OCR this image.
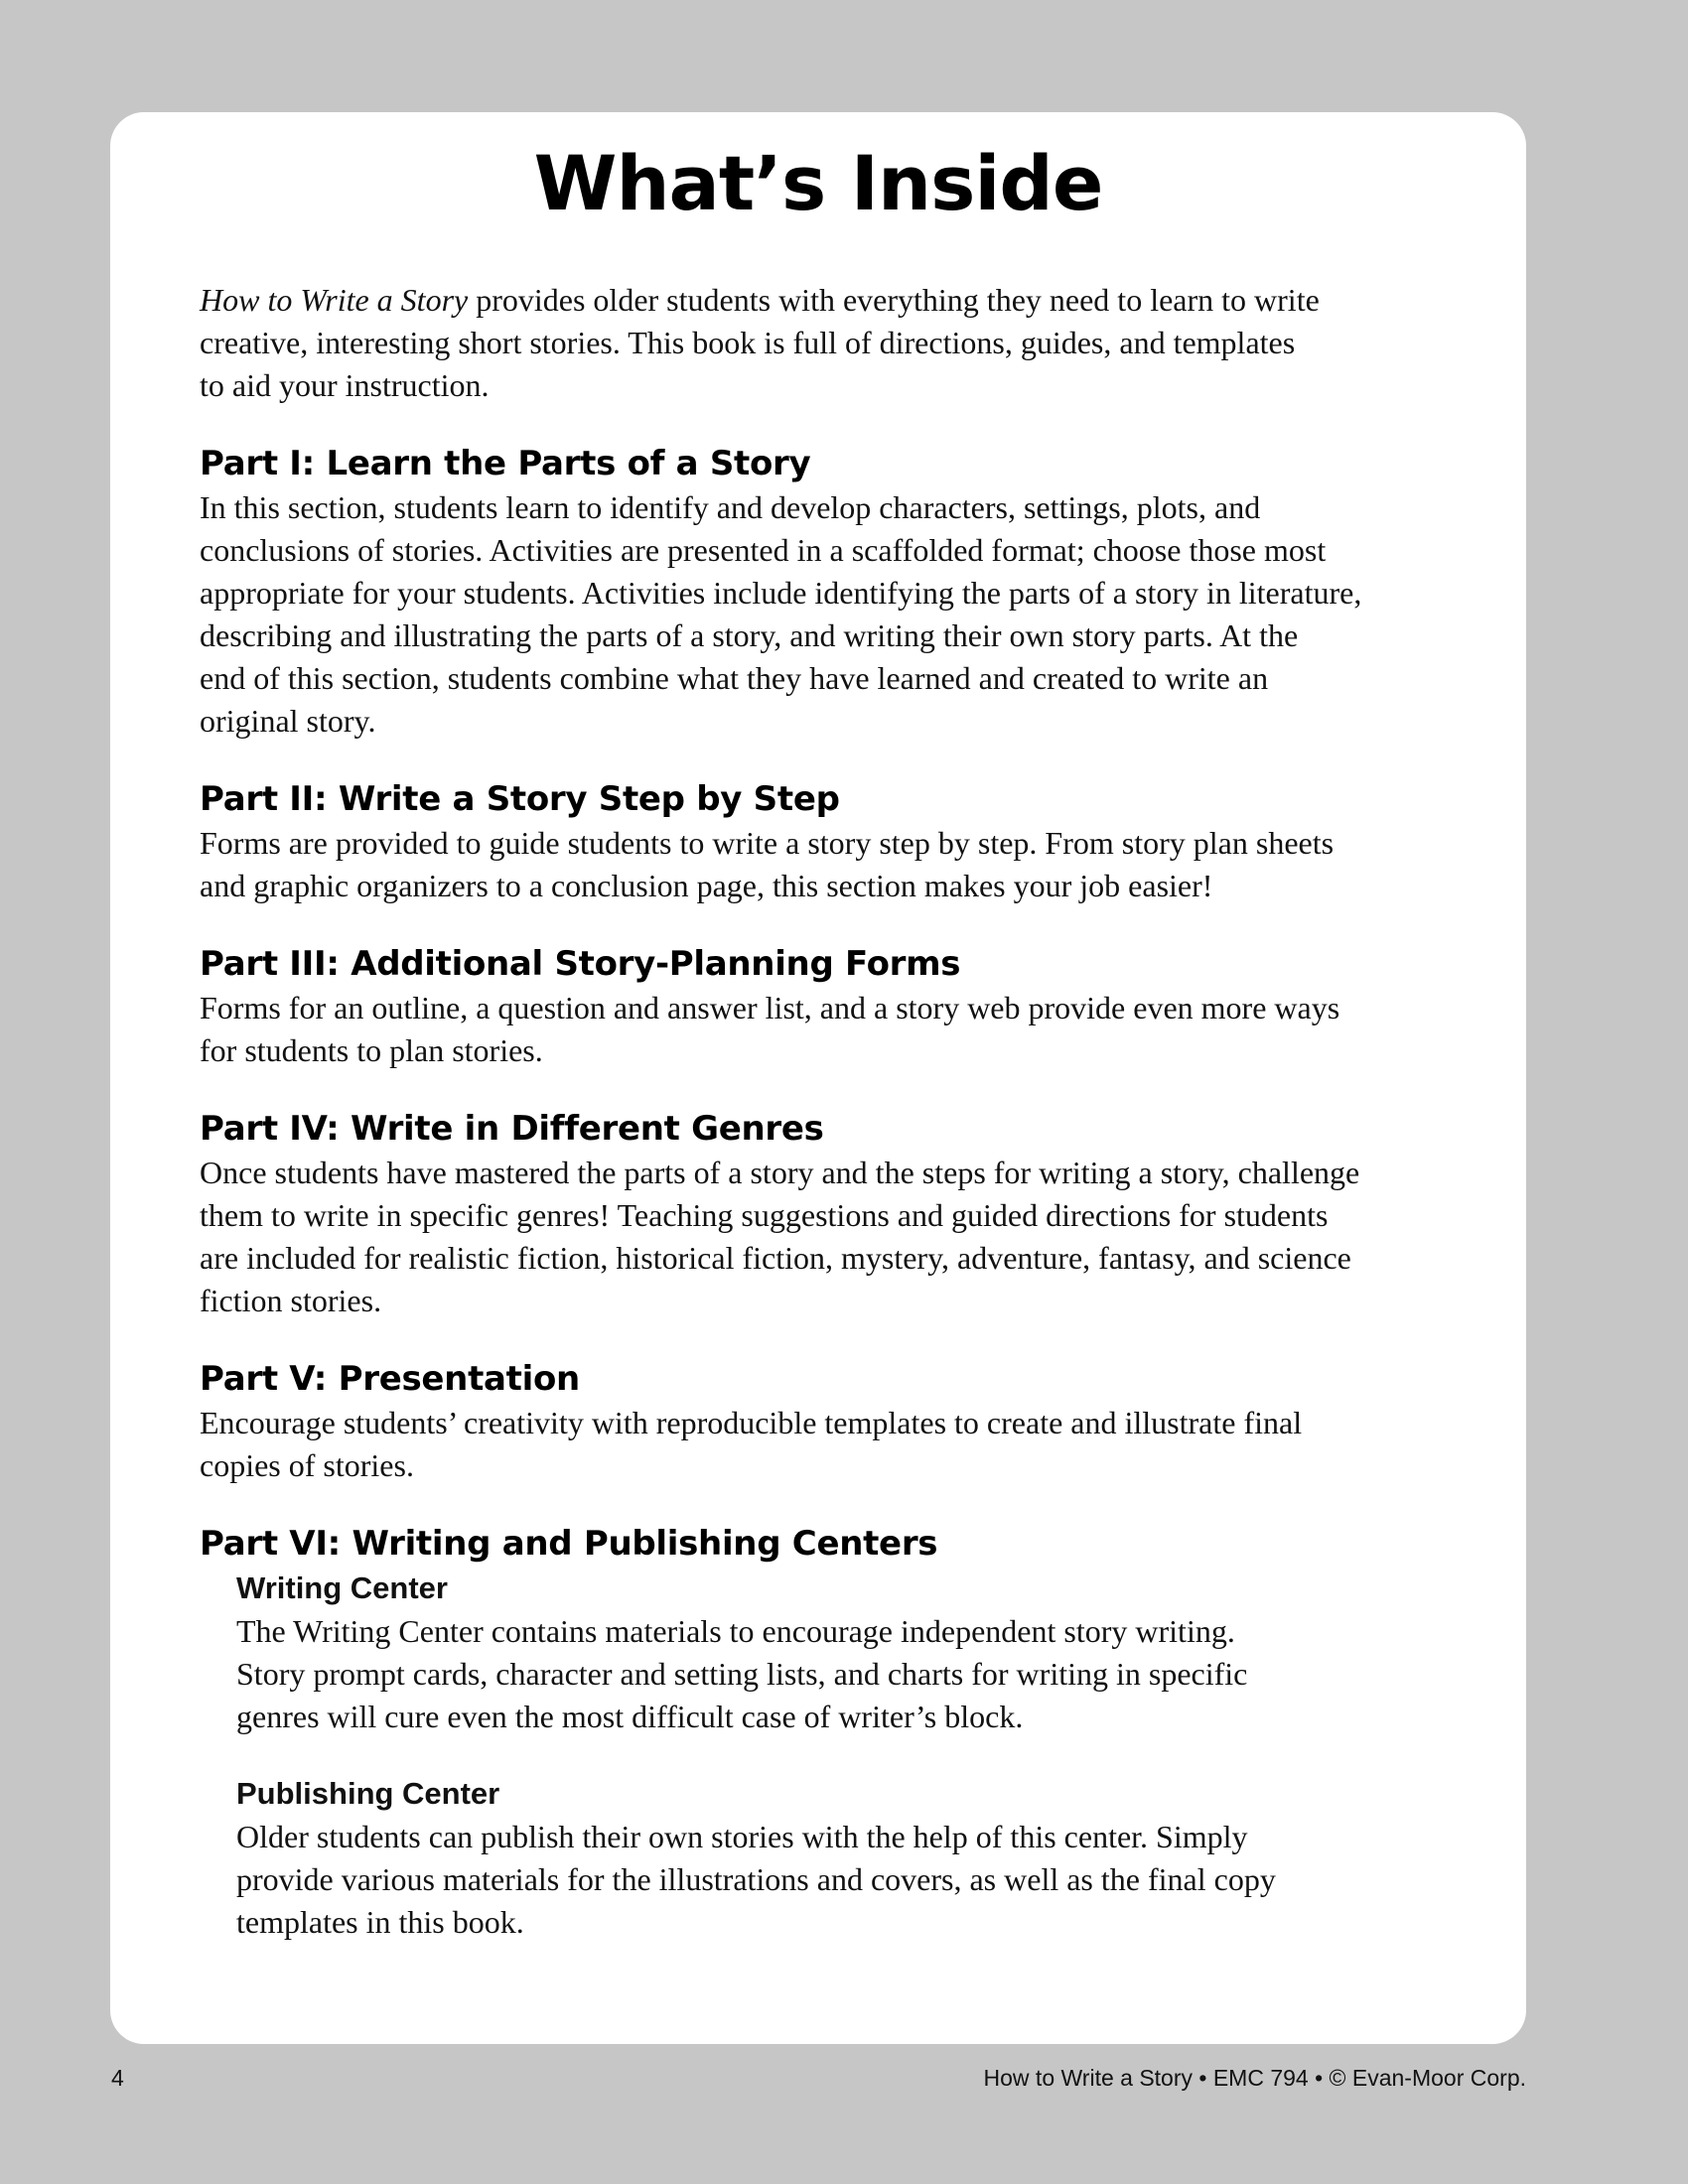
What’s Inside

How to Write a Story provides older students with everything they need to learn to write
creative, interesting short stories. This book is full of directions, guides, and templates
to aid your instruction.

Part I: Learn the Parts of a Story

In this section, students learn to identify and develop characters, settings, plots, and
conclusions of stories. Activities are presented in a scaffolded format; choose those most
appropriate for your students. Activities include identifying the parts of a story in literature,
describing and illustrating the parts of a story, and writing their own story parts. At the
end of this section, students combine what they have learned and created to write an
original story.

Part II: Write a Story Step by Step

Forms are provided to guide students to write a story step by step. From story plan sheets
and graphic organizers to a conclusion page, this section makes your job easier!

Part III: Additional Story-Planning Forms

Forms for an outline, a question and answer list, and a story web provide even more ways
for students to plan stories.

Part IV: Write in Different Genres

Once students have mastered the parts of a story and the steps for writing a story, challenge
them to write in specific genres! Teaching suggestions and guided directions for students
are included for realistic fiction, historical fiction, mystery, adventure, fantasy, and science
fiction stories.

Part V: Presentation

Encourage students’ creativity with reproducible templates to create and illustrate final
copies of stories.

Part VI: Writing and Publishing Centers
Writing Center

The Writing Center contains materials to encourage independent story writing.
Story prompt cards, character and setting lists, and charts for writing in specific
genres will cure even the most difficult case of writer’s block.

Publishing Center

Older students can publish their own stories with the help of this center. Simply
provide various materials for the illustrations and covers, as well as the final copy
templates in this book.

4	How to Write a Story • EMC 794 • © Evan-Moor Corp.
